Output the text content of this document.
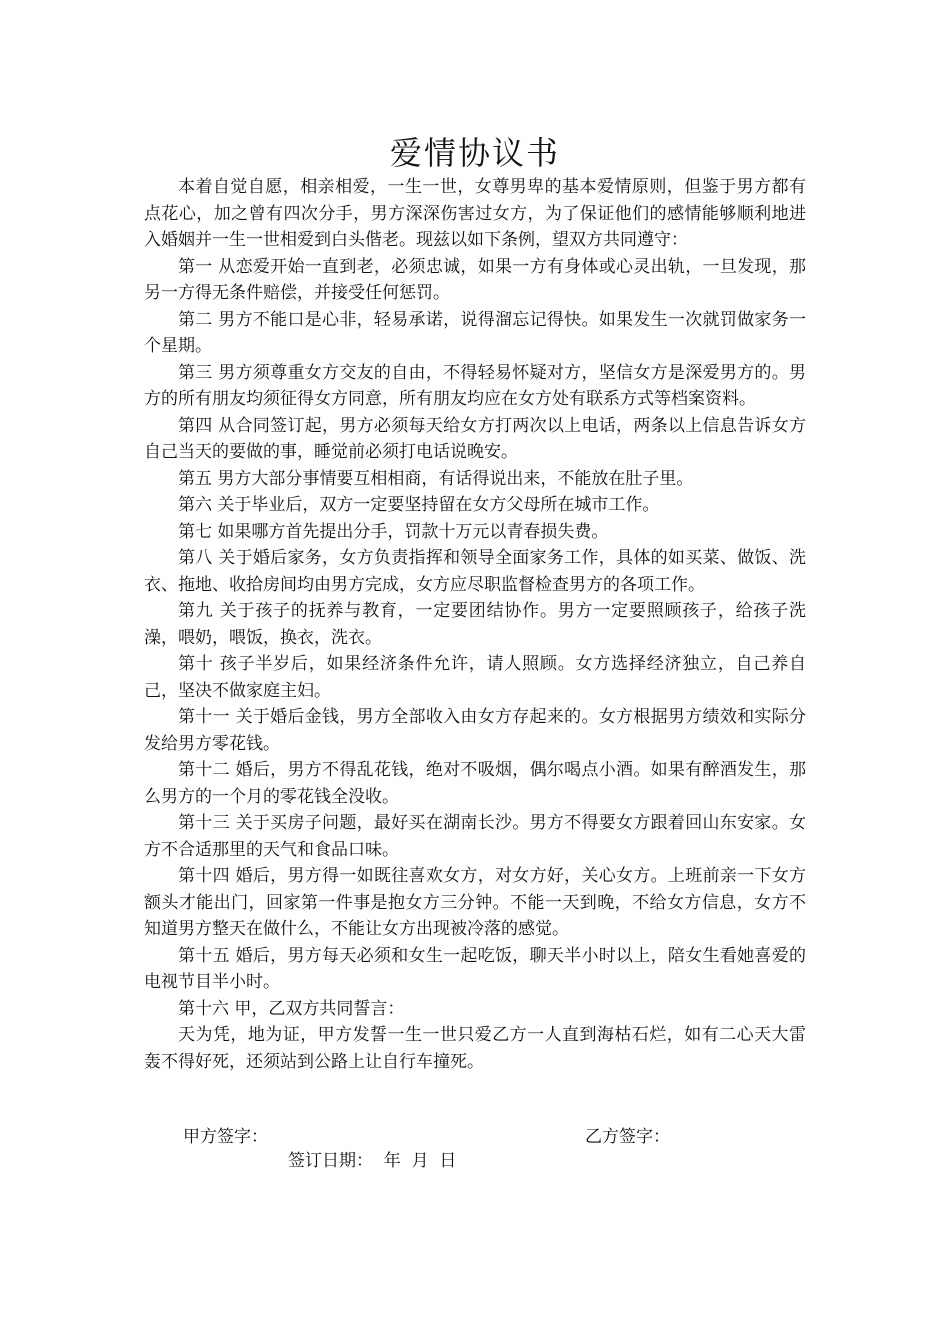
爱情协议书

本着自觉自愿，相亲相爱，一生一世，女尊男卑的基本爱情原则，但鉴于男方都有点花心，加之曾有四次分手，男方深深伤害过女方，为了保证他们的感情能够顺利地进入婚姻并一生一世相爱到白头偕老。现兹以如下条例，望双方共同遵守：

第一 从恋爱开始一直到老，必须忠诚，如果一方有身体或心灵出轨，一旦发现，那另一方得无条件赔偿，并接受任何惩罚。

第二 男方不能口是心非，轻易承诺，说得溜忘记得快。如果发生一次就罚做家务一个星期。

第三 男方须尊重女方交友的自由，不得轻易怀疑对方，坚信女方是深爱男方的。男方的所有朋友均须征得女方同意，所有朋友均应在女方处有联系方式等档案资料。

第四 从合同签订起，男方必须每天给女方打两次以上电话，两条以上信息告诉女方自己当天的要做的事，睡觉前必须打电话说晚安。

第五 男方大部分事情要互相相商，有话得说出来，不能放在肚子里。

第六 关于毕业后，双方一定要坚持留在女方父母所在城市工作。

第七 如果哪方首先提出分手，罚款十万元以青春损失费。

第八 关于婚后家务，女方负责指挥和领导全面家务工作，具体的如买菜、做饭、洗衣、拖地、收拾房间均由男方完成，女方应尽职监督检查男方的各项工作。

第九 关于孩子的抚养与教育，一定要团结协作。男方一定要照顾孩子，给孩子洗澡，喂奶，喂饭，换衣，洗衣。

第十 孩子半岁后，如果经济条件允许，请人照顾。女方选择经济独立，自己养自己，坚决不做家庭主妇。

第十一 关于婚后金钱，男方全部收入由女方存起来的。女方根据男方绩效和实际分发给男方零花钱。

第十二 婚后，男方不得乱花钱，绝对不吸烟，偶尔喝点小酒。如果有醉酒发生，那么男方的一个月的零花钱全没收。

第十三 关于买房子问题，最好买在湖南长沙。男方不得要女方跟着回山东安家。女方不合适那里的天气和食品口味。

第十四 婚后，男方得一如既往喜欢女方，对女方好，关心女方。上班前亲一下女方额头才能出门，回家第一件事是抱女方三分钟。不能一天到晚，不给女方信息，女方不知道男方整天在做什么，不能让女方出现被冷落的感觉。

第十五 婚后，男方每天必须和女生一起吃饭，聊天半小时以上，陪女生看她喜爱的电视节目半小时。

第十六 甲，乙双方共同誓言：

天为凭，地为证，甲方发誓一生一世只爱乙方一人直到海枯石烂，如有二心天大雷轰不得好死，还须站到公路上让自行车撞死。

甲方签字：	乙方签字：
签订日期：  年  月  日
